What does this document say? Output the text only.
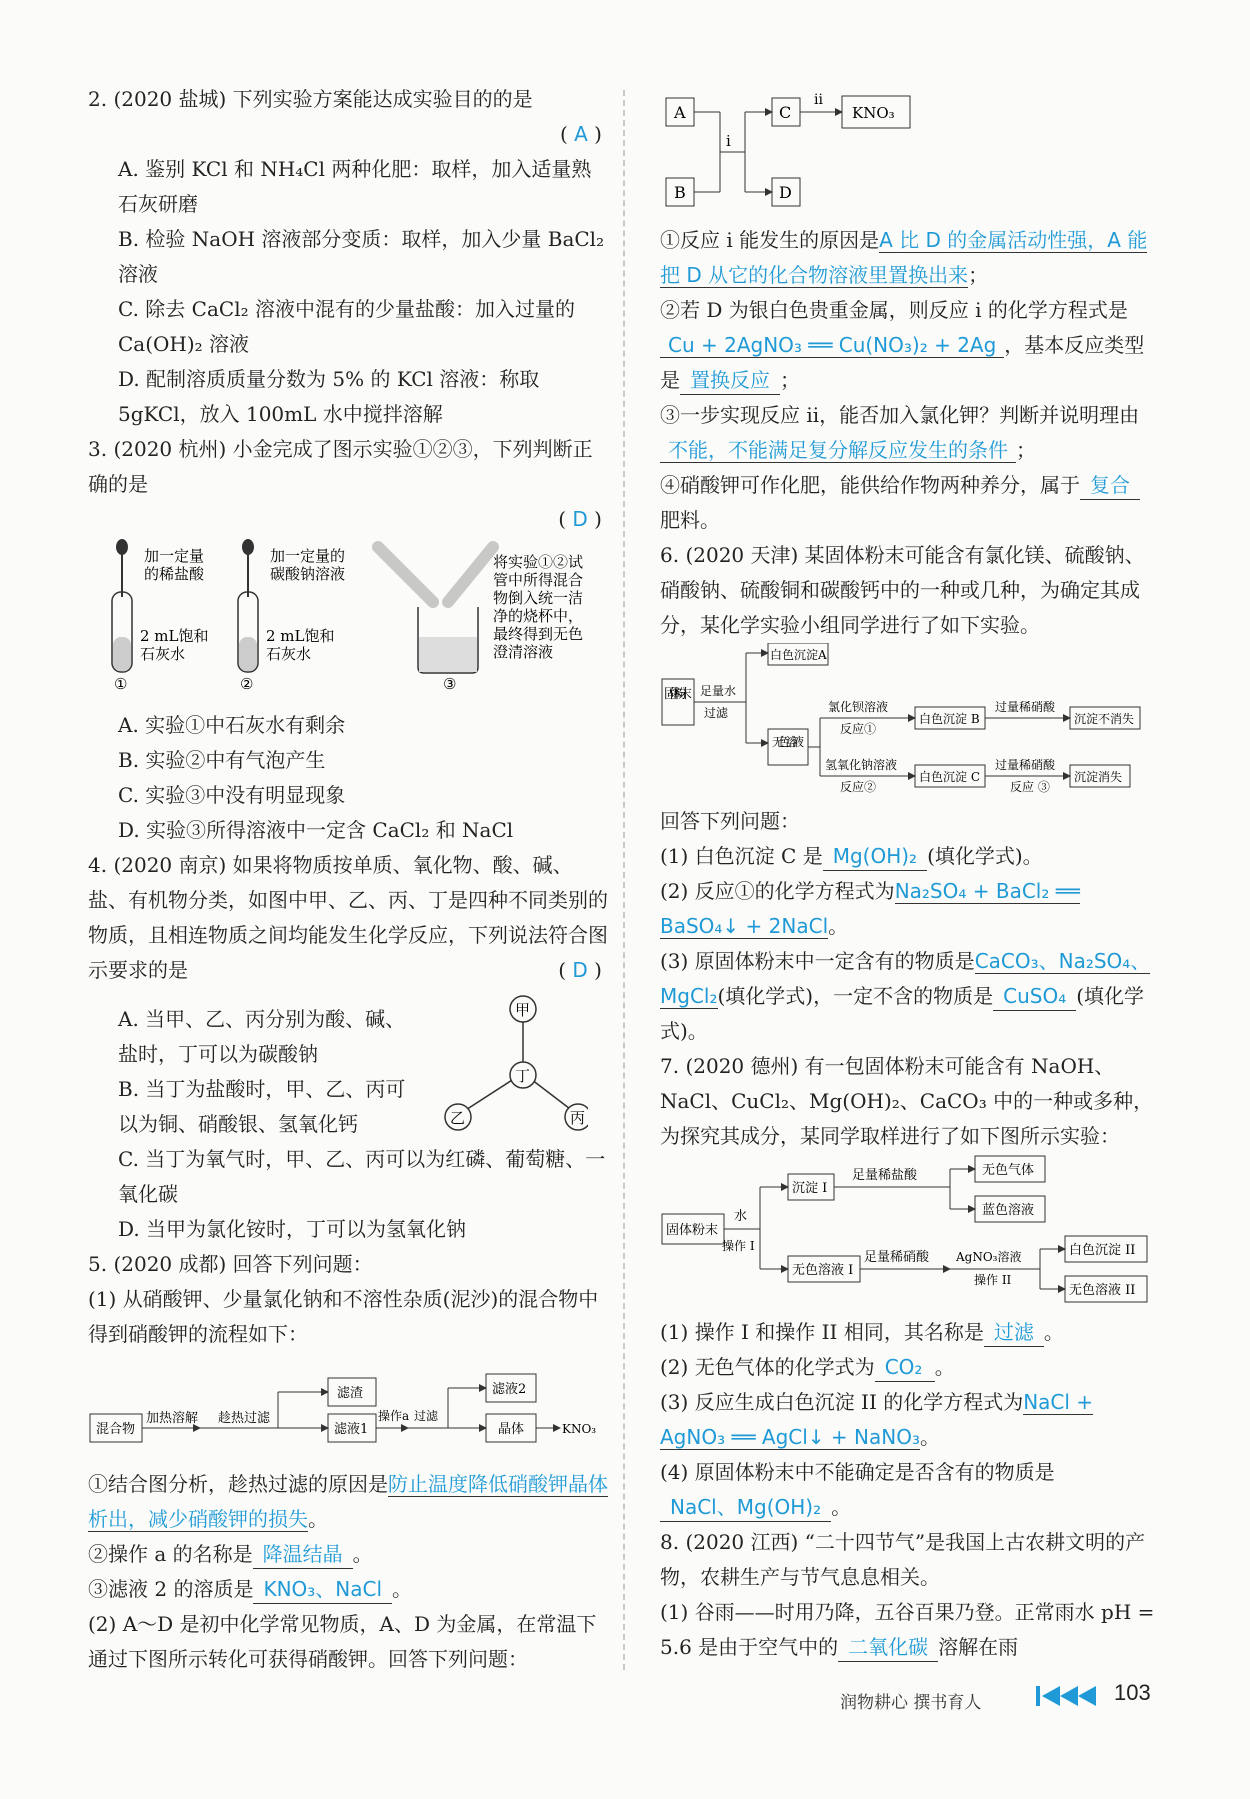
2. (2020 盐城) 下列实验方案能达成实验目的的是

( A )

A. 鉴别 KCl 和 NH₄Cl 两种化肥：取样，加入适量熟石灰研磨

B. 检验 NaOH 溶液部分变质：取样，加入少量 BaCl₂ 溶液

C. 除去 CaCl₂ 溶液中混有的少量盐酸：加入过量的 Ca(OH)₂ 溶液

D. 配制溶质质量分数为 5% 的 KCl 溶液：称取 5gKCl，放入 100mL 水中搅拌溶解

3. (2020 杭州) 小金完成了图示实验①②③，下列判断正确的是

( D )

加一定量
的稀盐酸
2 mL饱和
石灰水
①
加一定量的
碳酸钠溶液
2 mL饱和
石灰水
②	③
将实验①②试
管中所得混合
物倒入统一洁
净的烧杯中，
最终得到无色
澄清溶液

A. 实验①中石灰水有剩余

B. 实验②中有气泡产生

C. 实验③中没有明显现象

D. 实验③所得溶液中一定含 CaCl₂ 和 NaCl

4. (2020 南京) 如果将物质按单质、氧化物、酸、碱、盐、有机物分类，如图中甲、乙、丙、丁是四种不同类别的物质，且相连物质之间均能发生化学反应，下列说法符合图示要求的是	( D )

甲
丁
乙	丙

A. 当甲、乙、丙分别为酸、碱、盐时，丁可以为碳酸钠

B. 当丁为盐酸时，甲、乙、丙可以为铜、硝酸银、氢氧化钙

C. 当丁为氧气时，甲、乙、丙可以为红磷、葡萄糖、一氧化碳

D. 当甲为氯化铵时，丁可以为氢氧化钠

5. (2020 成都) 回答下列问题：

(1) 从硝酸钾、少量氯化钠和不溶性杂质(泥沙)的混合物中得到硝酸钾的流程如下：

混合物
加热溶解 趁热过滤
滤渣
滤液1
操作a 过滤
滤液2
晶体	KNO₃

①结合图分析，趁热过滤的原因是防止温度降低硝酸钾晶体析出，减少硝酸钾的损失。

②操作 a 的名称是 降温结晶 。

③滤液 2 的溶质是 KNO₃、NaCl 。

(2) A～D 是初中化学常见物质，A、D 为金属，在常温下通过下图所示转化可获得硝酸钾。回答下列问题：

A
B
i
C
D
ii
KNO₃

①反应 i 能发生的原因是A 比 D 的金属活动性强，A 能把 D 从它的化合物溶液里置换出来；

②若 D 为银白色贵重金属，则反应 i 的化学方程式是Cu + 2AgNO₃ ══ Cu(NO₃)₂ + 2Ag ，基本反应类型是 置换反应 ；

③一步实现反应 ii，能否加入氯化钾？判断并说明理由不能，不能满足复分解反应发生的条件 ；

④硝酸钾可作化肥，能供给作物两种养分，属于 复合肥料。

6. (2020 天津) 某固体粉末可能含有氯化镁、硫酸钠、硝酸钠、硫酸铜和碳酸钙中的一种或几种，为确定其成分，某化学实验小组同学进行了如下实验。

固体粉末 足量水
过滤
白色沉淀A
无色溶液
氯化钡溶液
反应①
氢氧化钠溶液
反应②
白色沉淀 B
白色沉淀 C
过量稀硝酸
过量稀硝酸
反应 ③
沉淀不消失
沉淀消失

回答下列问题：

(1) 白色沉淀 C 是 Mg(OH)₂ (填化学式)。

(2) 反应①的化学方程式为Na₂SO₄ + BaCl₂ ══ BaSO₄↓ + 2NaCl。

(3) 原固体粉末中一定含有的物质是CaCO₃、Na₂SO₄、MgCl₂(填化学式)，一定不含的物质是 CuSO₄ (填化学式)。

7. (2020 德州) 有一包固体粉末可能含有 NaOH、NaCl、CuCl₂、Mg(OH)₂、CaCO₃ 中的一种或多种，为探究其成分，某同学取样进行了如下图所示实验：

固体粉末
水
操作 I
沉淀 I
足量稀盐酸	无色气体
蓝色溶液
无色溶液 I
足量稀硝酸 AgNO₃溶液
操作 II
白色沉淀 II
无色溶液 II

(1) 操作 I 和操作 II 相同，其名称是 过滤 。

(2) 无色气体的化学式为 CO₂ 。

(3) 反应生成白色沉淀 II 的化学方程式为NaCl + AgNO₃ ══ AgCl↓ + NaNO₃。

(4) 原固体粉末中不能确定是否含有的物质是NaCl、Mg(OH)₂ 。

8. (2020 江西) “二十四节气”是我国上古农耕文明的产物，农耕生产与节气息息相关。

(1) 谷雨——时用乃降，五谷百果乃登。正常雨水 pH = 5.6 是由于空气中的 二氧化碳 溶解在雨

润物耕心 撰书育人	103
